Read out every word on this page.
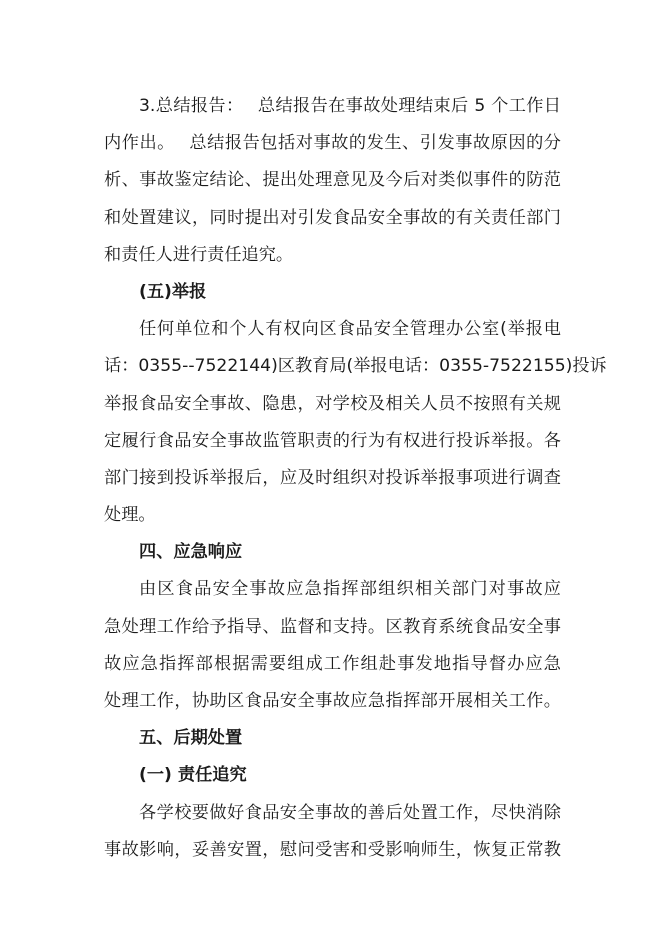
3.总结报告： 总结报告在事故处理结束后 5 个工作日
内作出。 总结报告包括对事故的发生、引发事故原因的分
析、事故鉴定结论、提出处理意见及今后对类似事件的防范
和处置建议，同时提出对引发食品安全事故的有关责任部门
和责任人进行责任追究。
(五)举报
任何单位和个人有权向区食品安全管理办公室(举报电
话：0355--7522144)区教育局(举报电话：0355-7522155)投诉
举报食品安全事故、隐患，对学校及相关人员不按照有关规
定履行食品安全事故监管职责的行为有权进行投诉举报。各
部门接到投诉举报后，应及时组织对投诉举报事项进行调查
处理。
四、应急响应
由区食品安全事故应急指挥部组织相关部门对事故应
急处理工作给予指导、监督和支持。区教育系统食品安全事
故应急指挥部根据需要组成工作组赴事发地指导督办应急
处理工作，协助区食品安全事故应急指挥部开展相关工作。
五、后期处置
(一) 责任追究
各学校要做好食品安全事故的善后处置工作，尽快消除
事故影响，妥善安置，慰问受害和受影响师生，恢复正常教
